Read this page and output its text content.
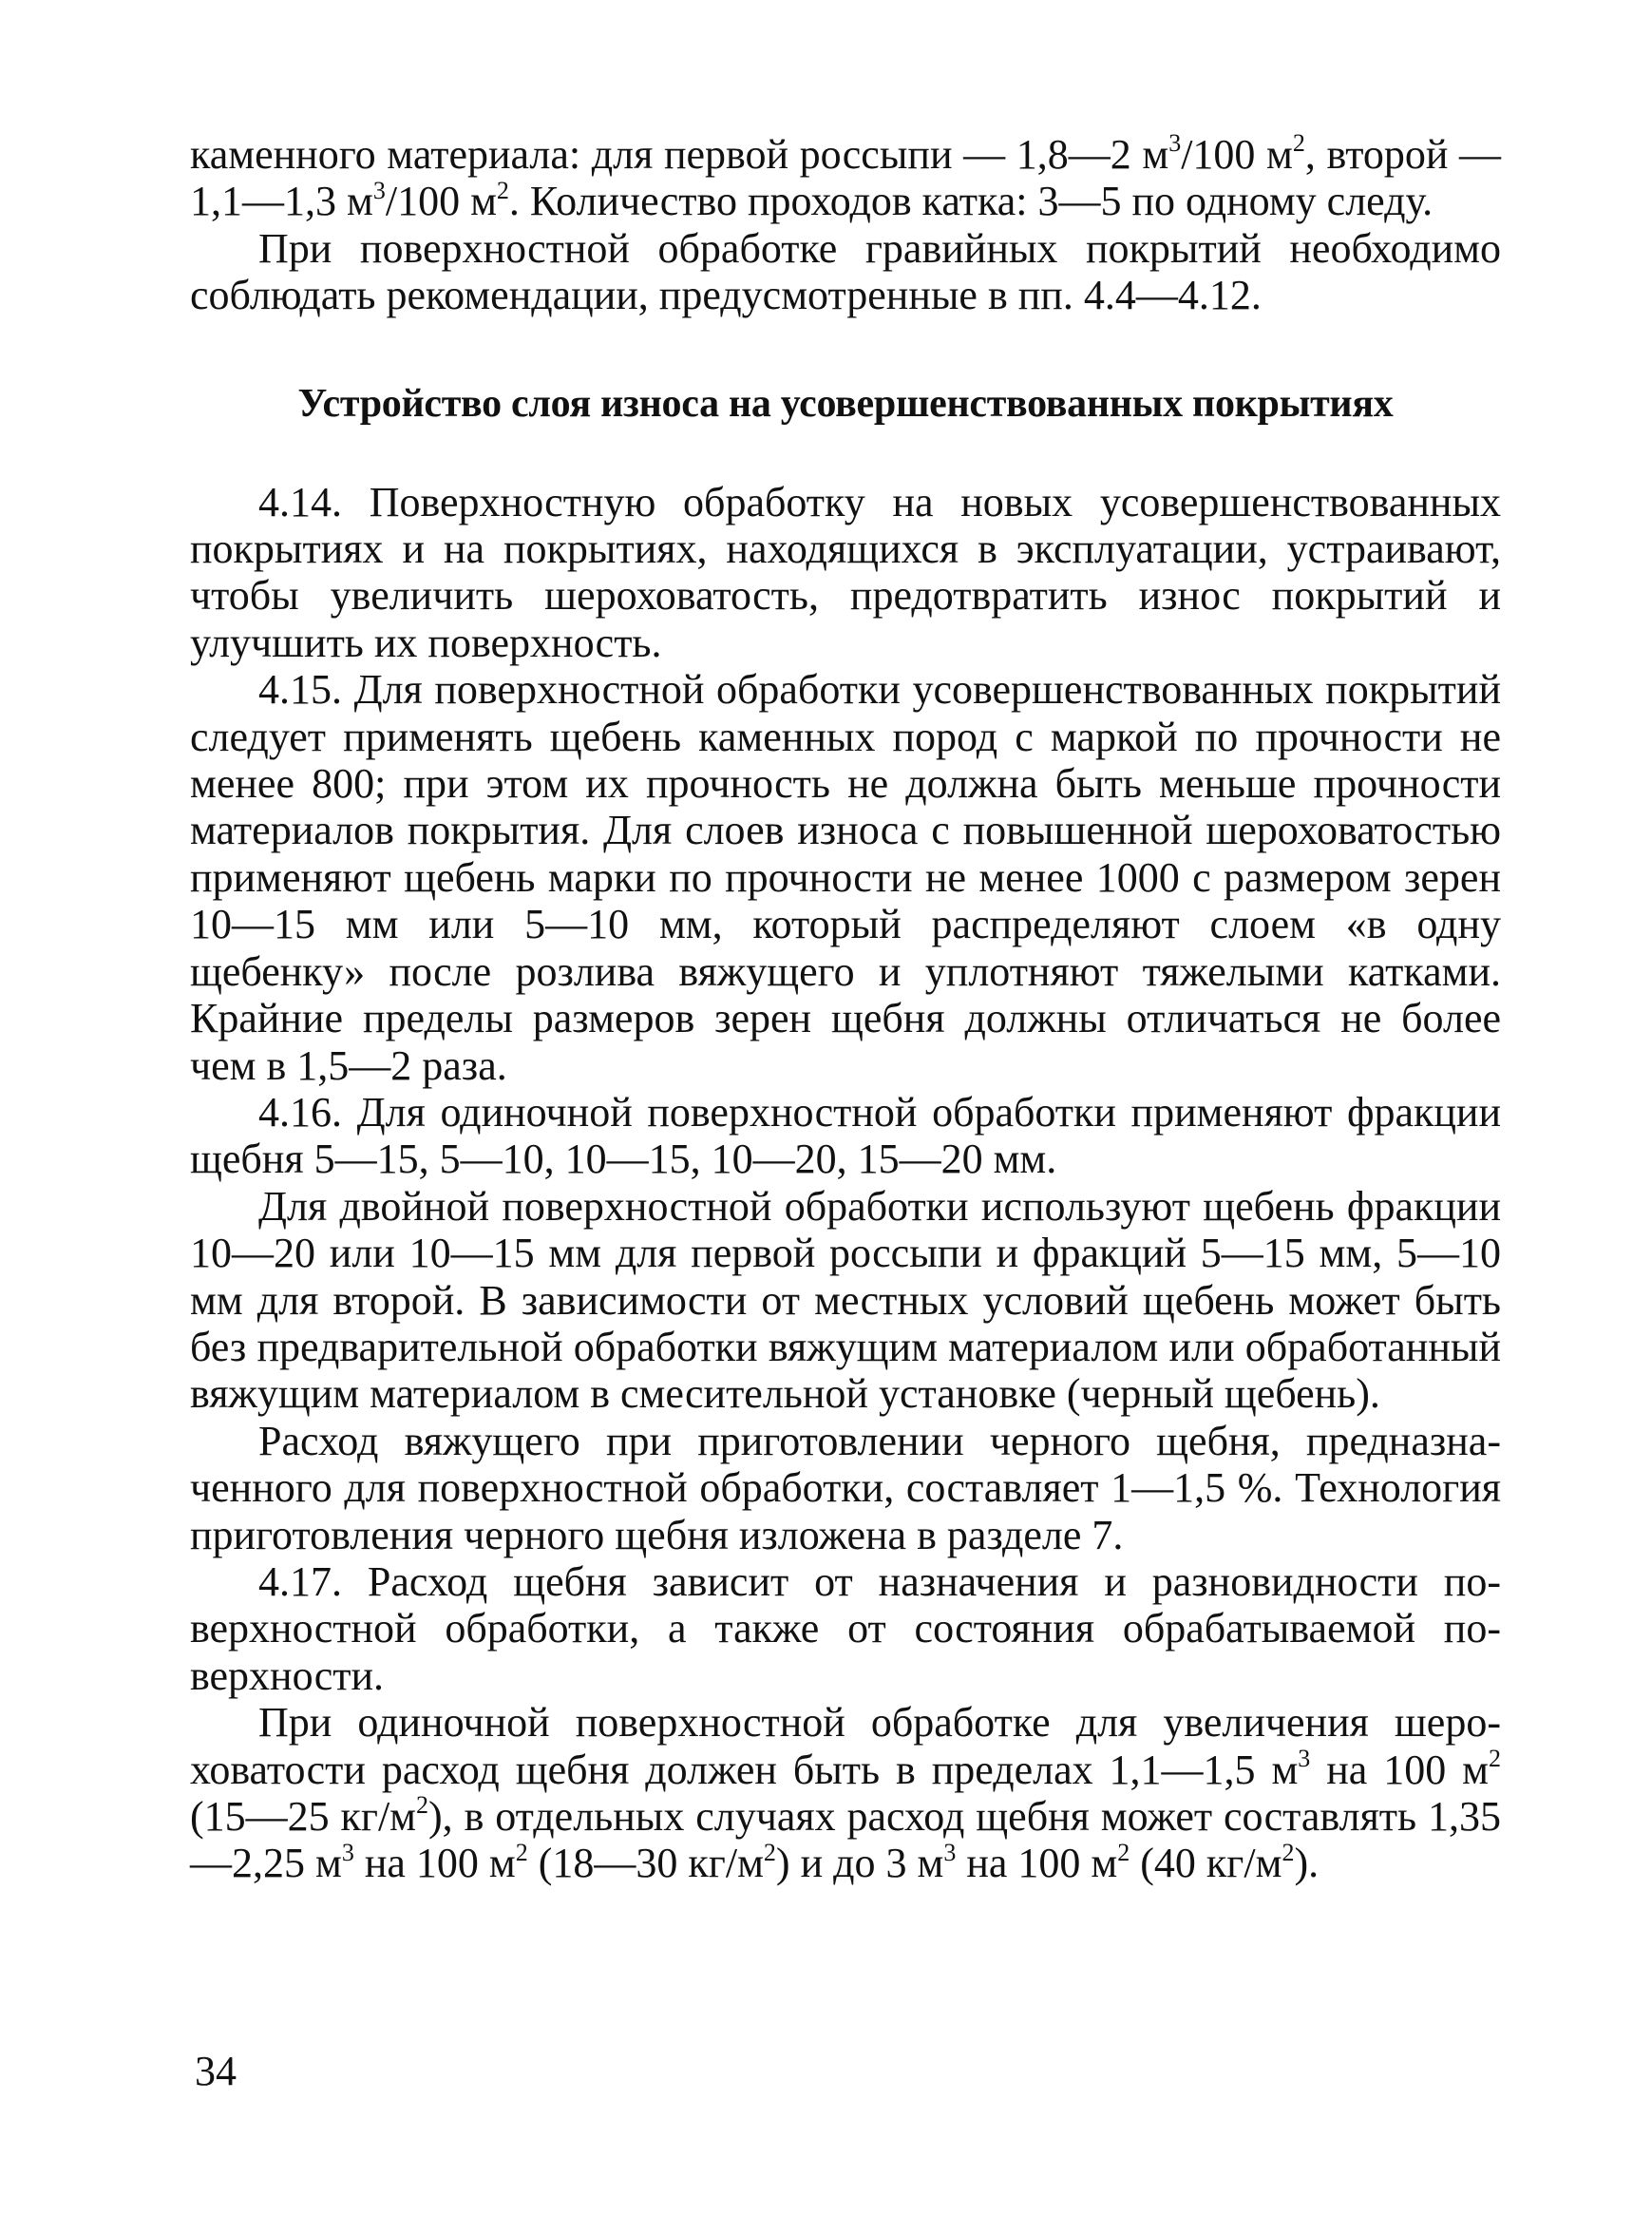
каменного материала: для первой россыпи — 1,8—2 $м^3/100$ $м^2$, второй — 1,1—1,3 $м^3/100$ $м^2$. Количество проходов катка: 3—5 по одному следу.

При поверхностной обработке гравийных покрытий необходимо соблюдать рекомендации, предусмотренные в пп. 4.4—4.12.

Устройство слоя износа на усовершенствованных покрытиях

4.14. Поверхностную обработку на новых усовершенствованных покрытиях и на покрытиях, находящихся в эксплуатации, устраивают, чтобы увеличить шероховатость, предотвратить износ покрытий и улучшить их поверхность.

4.15. Для поверхностной обработки усовершенствованных покрытий следует применять щебень каменных пород с маркой по прочности не менее 800; при этом их прочность не должна быть меньше прочности материалов покрытия. Для слоев износа с повышенной шероховатостью применяют щебень марки по прочности не менее 1000 с размером зерен 10—15 мм или 5—10 мм, который распределяют слоем «в одну щебенку» после розлива вяжущего и уплотняют тяжелыми катками. Крайние пределы размеров зерен щебня должны отличаться не более чем в 1,5—2 раза.

4.16. Для одиночной поверхностной обработки применяют фракции щебня 5—15, 5—10, 10—15, 10—20, 15—20 мм.

Для двойной поверхностной обработки используют щебень фракции 10—20 или 10—15 мм для первой россыпи и фракций 5—15 мм, 5—10 мм для второй. В зависимости от местных условий щебень может быть без предварительной обработки вяжущим материалом или обработанный вяжущим материалом в смесительной установке (черный щебень).

Расход вяжущего при приготовлении черного щебня, предназначенного для поверхностной обработки, составляет 1—1,5 %. Технология приготовления черного щебня изложена в разделе 7.

4.17. Расход щебня зависит от назначения и разновидности поверхностной обработки, а также от состояния обрабатываемой поверхности.

При одиночной поверхностной обработке для увеличения шероховатости расход щебня должен быть в пределах 1,1—1,5 $м^3$ на 100 $м^2$ (15—25 $кг/м^2$), в отдельных случаях расход щебня может составлять 1,35—2,25 $м^3$ на 100 $м^2$ (18—30 $кг/м^2$) и до 3 $м^3$ на 100 $м^2$ (40 $кг/м^2$).

34
